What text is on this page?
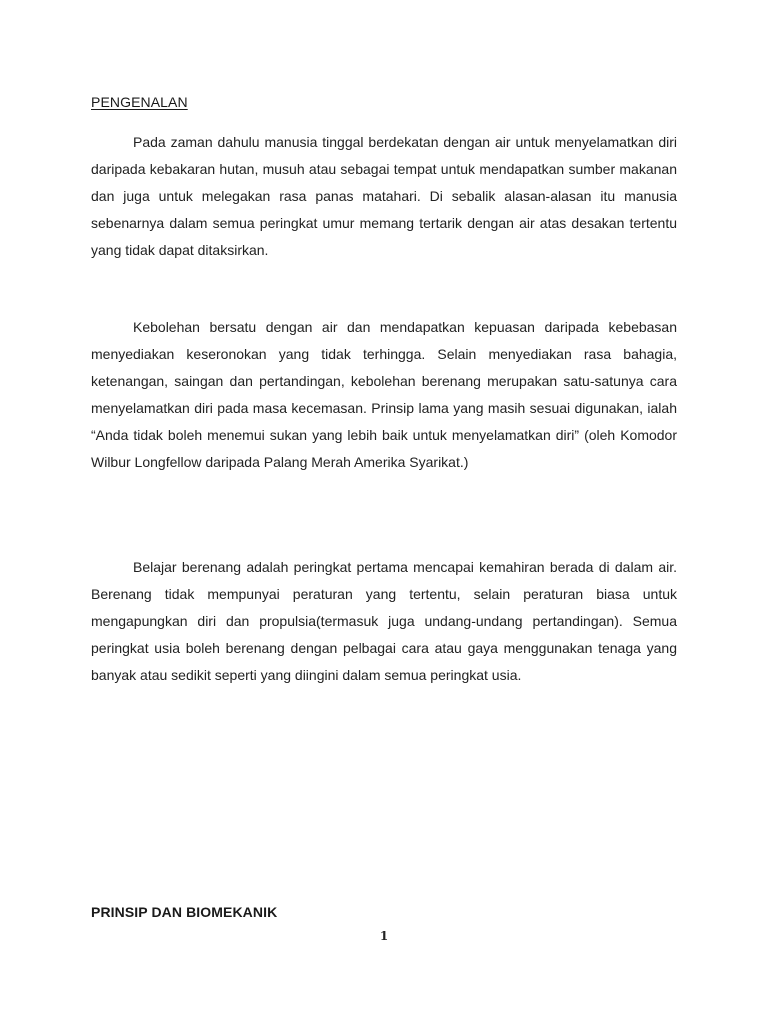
PENGENALAN

Pada zaman dahulu manusia tinggal berdekatan dengan air untuk menyelamatkan diri daripada kebakaran hutan, musuh atau sebagai tempat untuk mendapatkan sumber makanan dan juga untuk melegakan rasa panas matahari. Di sebalik alasan-alasan itu manusia sebenarnya dalam semua peringkat umur memang tertarik dengan air atas desakan tertentu yang tidak dapat ditaksirkan.

Kebolehan bersatu dengan air dan mendapatkan kepuasan daripada kebebasan menyediakan keseronokan yang tidak terhingga. Selain menyediakan rasa bahagia, ketenangan, saingan dan pertandingan, kebolehan berenang merupakan satu-satunya cara menyelamatkan diri pada masa kecemasan. Prinsip lama yang masih sesuai digunakan, ialah “Anda tidak boleh menemui sukan yang lebih baik untuk menyelamatkan diri” (oleh Komodor Wilbur Longfellow daripada Palang Merah Amerika Syarikat.)

Belajar berenang adalah peringkat pertama mencapai kemahiran berada di dalam air. Berenang tidak mempunyai peraturan yang tertentu, selain peraturan biasa untuk mengapungkan diri dan propulsia(termasuk juga undang-undang pertandingan). Semua peringkat usia boleh berenang dengan pelbagai cara atau gaya menggunakan tenaga yang banyak atau sedikit seperti yang diingini dalam semua peringkat usia.

PRINSIP DAN BIOMEKANIK
1
